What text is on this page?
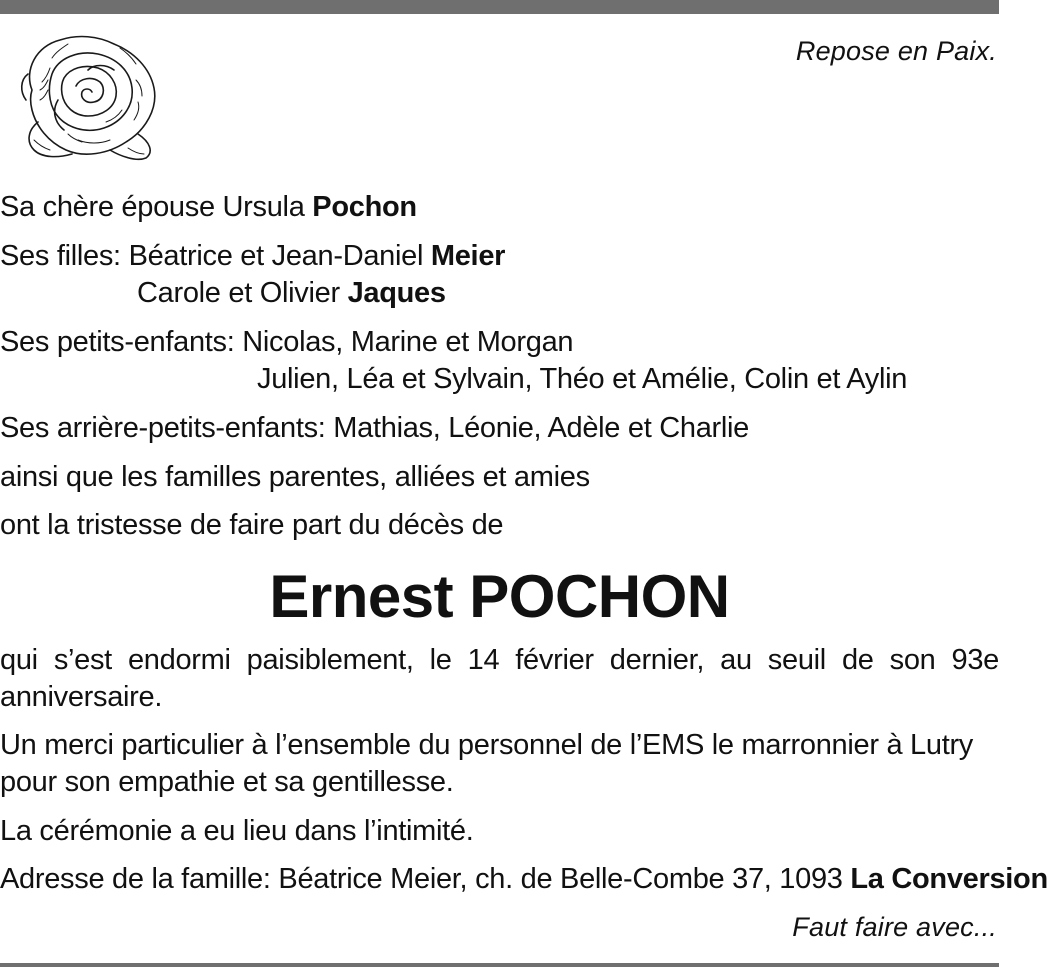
Repose en Paix.
Sa chère épouse Ursula Pochon
Ses filles: Béatrice et Jean-Daniel Meier
Carole et Olivier Jaques
Ses petits-enfants: Nicolas, Marine et Morgan
Julien, Léa et Sylvain, Théo et Amélie, Colin et Aylin
Ses arrière-petits-enfants: Mathias, Léonie, Adèle et Charlie
ainsi que les familles parentes, alliées et amies
ont la tristesse de faire part du décès de
Ernest POCHON
qui s’est endormi paisiblement, le 14 février dernier, au seuil de son 93e anniversaire.
Un merci particulier à l’ensemble du personnel de l’EMS le marronnier à Lutry pour son empathie et sa gentillesse.
La cérémonie a eu lieu dans l’intimité.
Adresse de la famille: Béatrice Meier, ch. de Belle-Combe 37, 1093 La Conversion
Faut faire avec...
